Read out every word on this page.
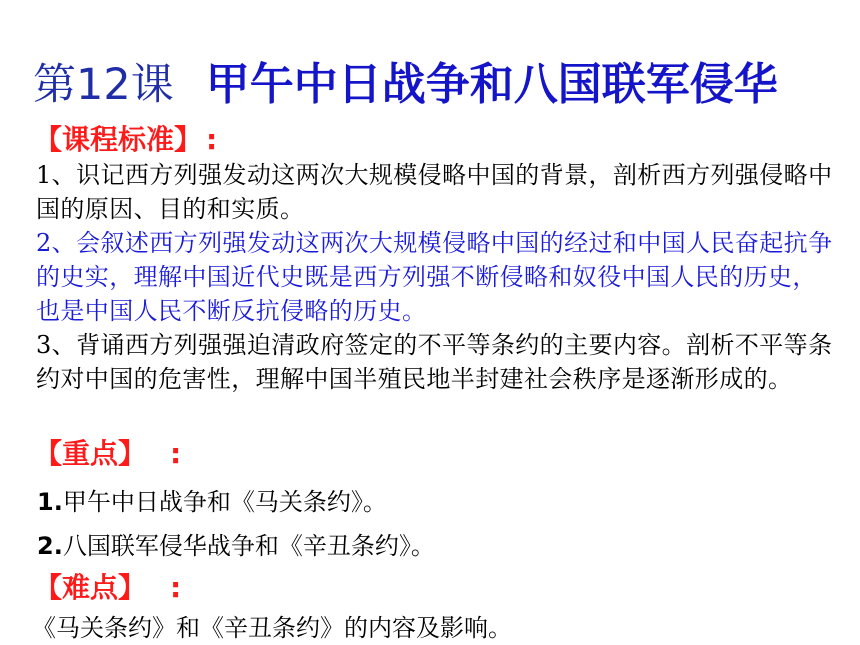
第12课 甲午中日战争和八国联军侵华
【课程标准】 :
1、识记西方列强发动这两次大规模侵略中国的背景，剖析西方列强侵略中国的原因、目的和实质。
2、会叙述西方列强发动这两次大规模侵略中国的经过和中国人民奋起抗争的史实，理解中国近代史既是西方列强不断侵略和奴役中国人民的历史，也是中国人民不断反抗侵略的历史。
3、背诵西方列强强迫清政府签定的不平等条约的主要内容。剖析不平等条约对中国的危害性，理解中国半殖民地半封建社会秩序是逐渐形成的。
【重点】 :
1.甲午中日战争和《马关条约》。
2.八国联军侵华战争和《辛丑条约》。
【难点】 :
《马关条约》和《辛丑条约》的内容及影响。
